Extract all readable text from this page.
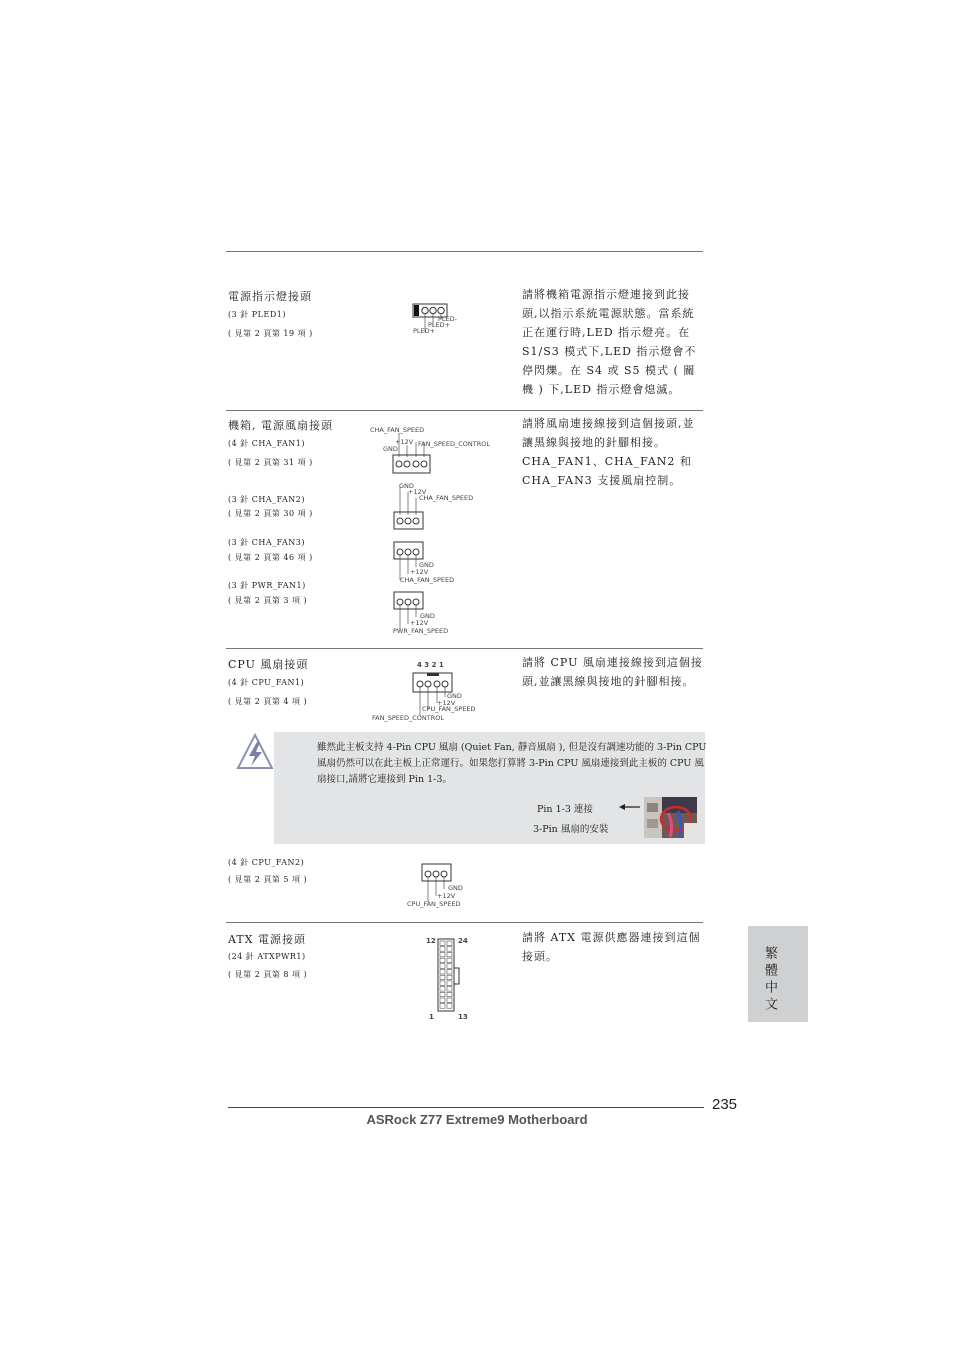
電源指示燈接頭
(3 針 PLED1)
( 見第 2 頁第 19 項 )
請將機箱電源指示燈連接到此接頭,以指示系統電源狀態。當系統正在運行時,LED 指示燈亮。在 S1/S3 模式下,LED 指示燈會不停閃爍。在 S4 或 S5 模式 ( 關機 ) 下,LED 指示燈會熄滅。
PLED-
PLED+
PLED+
機箱, 電源風扇接頭
(4 針 CHA_FAN1)
( 見第 2 頁第 31 項 )
(3 針 CHA_FAN2)
( 見第 2 頁第 30 項 )
(3 針 CHA_FAN3)
( 見第 2 頁第 46 項 )
(3 針 PWR_FAN1)
( 見第 2 頁第 3 項 )
請將風扇連接線接到這個接頭,並讓黑線與接地的針腳相接。CHA_FAN1、CHA_FAN2 和 CHA_FAN3 支援風扇控制。
CHA_FAN_SPEED
+12V
GND
FAN_SPEED_CONTROL
GND
+12V
CHA_FAN_SPEED
GND
+12V
CHA_FAN_SPEED
GND
+12V
PWR_FAN_SPEED
CPU 風扇接頭
(4 針 CPU_FAN1)
( 見第 2 頁第 4 項 )
請將 CPU 風扇連接線接到這個接頭,並讓黑線與接地的針腳相接。
4 3 2 1
GND
+12V
CPU_FAN_SPEED
FAN_SPEED_CONTROL
雖然此主板支持 4-Pin CPU 風扇 (Quiet Fan, 靜音風扇 ), 但是沒有調速功能的 3-Pin CPU 風扇仍然可以在此主板上正常運行。如果您打算將 3-Pin CPU 風扇連接到此主板的 CPU 風扇接口,請將它連接到 Pin 1-3。
Pin 1-3 連接
3-Pin 風扇的安裝
(4 針 CPU_FAN2)
( 見第 2 頁第 5 項 )
GND
+12V
CPU_FAN_SPEED
ATX 電源接頭
(24 針 ATXPWR1)
( 見第 2 頁第 8 項 )
請將 ATX 電源供應器連接到這個接頭。
12	24
1	13
繁體中文
235
ASRock Z77 Extreme9 Motherboard
